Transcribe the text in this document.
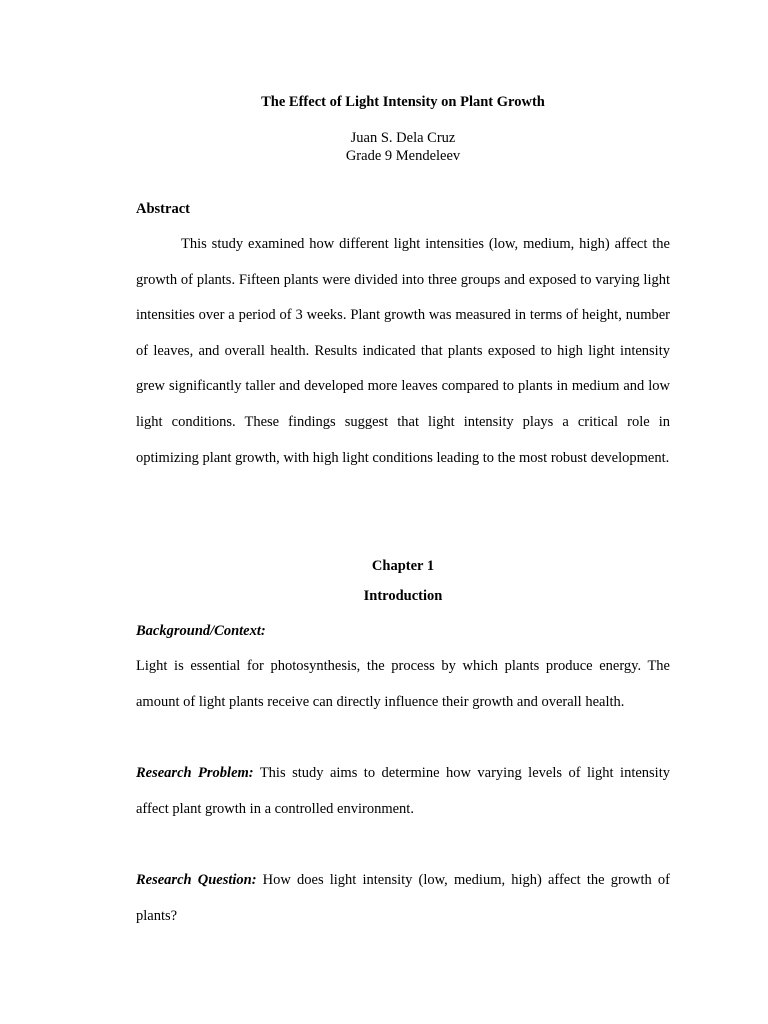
The Effect of Light Intensity on Plant Growth
Juan S. Dela Cruz
Grade 9 Mendeleev
Abstract

This study examined how different light intensities (low, medium, high) affect the growth of plants. Fifteen plants were divided into three groups and exposed to varying light intensities over a period of 3 weeks. Plant growth was measured in terms of height, number of leaves, and overall health. Results indicated that plants exposed to high light intensity grew significantly taller and developed more leaves compared to plants in medium and low light conditions. These findings suggest that light intensity plays a critical role in optimizing plant growth, with high light conditions leading to the most robust development.

Chapter 1
Introduction
Background/Context:

Light is essential for photosynthesis, the process by which plants produce energy. The amount of light plants receive can directly influence their growth and overall health.

Research Problem: This study aims to determine how varying levels of light intensity affect plant growth in a controlled environment.

Research Question: How does light intensity (low, medium, high) affect the growth of plants?
